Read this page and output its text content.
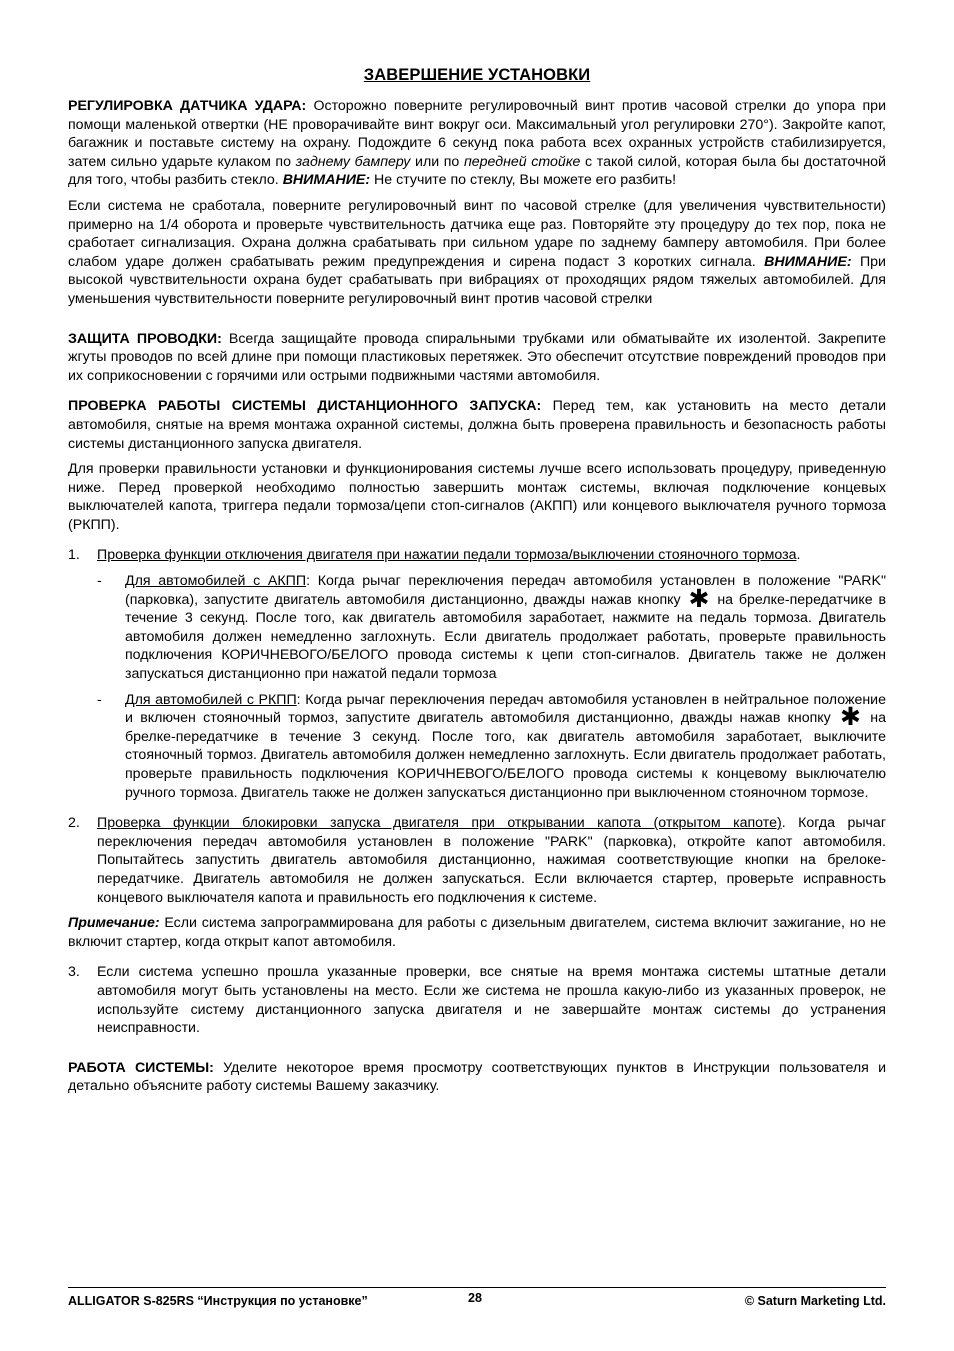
ЗАВЕРШЕНИЕ УСТАНОВКИ

РЕГУЛИРОВКА ДАТЧИКА УДАРА: Осторожно поверните регулировочный винт против часовой стрелки до упора при помощи маленькой отвертки (НЕ проворачивайте винт вокруг оси. Максимальный угол регулировки 270°). Закройте капот, багажник и поставьте систему на охрану. Подождите 6 секунд пока работа всех охранных устройств стабилизируется, затем сильно ударьте кулаком по заднему бамперу или по передней стойке с такой силой, которая была бы достаточной для того, чтобы разбить стекло. ВНИМАНИЕ: Не стучите по стеклу, Вы можете его разбить!

Если система не сработала, поверните регулировочный винт по часовой стрелке (для увеличения чувствительности) примерно на 1/4 оборота и проверьте чувствительность датчика еще раз. Повторяйте эту процедуру до тех пор, пока не сработает сигнализация. Охрана должна срабатывать при сильном ударе по заднему бамперу автомобиля. При более слабом ударе должен срабатывать режим предупреждения и сирена подаст 3 коротких сигнала. ВНИМАНИЕ: При высокой чувствительности охрана будет срабатывать при вибрациях от проходящих рядом тяжелых автомобилей. Для уменьшения чувствительности поверните регулировочный винт против часовой стрелки

ЗАЩИТА ПРОВОДКИ: Всегда защищайте провода спиральными трубками или обматывайте их изолентой. Закрепите жгуты проводов по всей длине при помощи пластиковых перетяжек. Это обеспечит отсутствие повреждений проводов при их соприкосновении с горячими или острыми подвижными частями автомобиля.

ПРОВЕРКА РАБОТЫ СИСТЕМЫ ДИСТАНЦИОННОГО ЗАПУСКА: Перед тем, как установить на место детали автомобиля, снятые на время монтажа охранной системы, должна быть проверена правильность и безопасность работы системы дистанционного запуска двигателя.

Для проверки правильности установки и функционирования системы лучше всего использовать процедуру, приведенную ниже. Перед проверкой необходимо полностью завершить монтаж системы, включая подключение концевых выключателей капота, триггера педали тормоза/цепи стоп-сигналов (АКПП) или концевого выключателя ручного тормоза (РКПП).

1. Проверка функции отключения двигателя при нажатии педали тормоза/выключении стояночного тормоза.
- Для автомобилей с АКПП: Когда рычаг переключения передач автомобиля установлен в положение "PARK" (парковка), запустите двигатель автомобиля дистанционно, дважды нажав кнопку ✱ на брелке-передатчике в течение 3 секунд. После того, как двигатель автомобиля заработает, нажмите на педаль тормоза. Двигатель автомобиля должен немедленно заглохнуть. Если двигатель продолжает работать, проверьте правильность подключения КОРИЧНЕВОГО/БЕЛОГО провода системы к цепи стоп-сигналов. Двигатель также не должен запускаться дистанционно при нажатой педали тормоза
- Для автомобилей с РКПП: Когда рычаг переключения передач автомобиля установлен в нейтральное положение и включен стояночный тормоз, запустите двигатель автомобиля дистанционно, дважды нажав кнопку ✱ на брелке-передатчике в течение 3 секунд. После того, как двигатель автомобиля заработает, выключите стояночный тормоз. Двигатель автомобиля должен немедленно заглохнуть. Если двигатель продолжает работать, проверьте правильность подключения КОРИЧНЕВОГО/БЕЛОГО провода системы к концевому выключателю ручного тормоза. Двигатель также не должен запускаться дистанционно при выключенном стояночном тормозе.
2. Проверка функции блокировки запуска двигателя при открывании капота (открытом капоте). Когда рычаг переключения передач автомобиля установлен в положение "PARK" (парковка), откройте капот автомобиля. Попытайтесь запустить двигатель автомобиля дистанционно, нажимая соответствующие кнопки на брелоке-передатчике. Двигатель автомобиля не должен запускаться. Если включается стартер, проверьте исправность концевого выключателя капота и правильность его подключения к системе.

Примечание: Если система запрограммирована для работы с дизельным двигателем, система включит зажигание, но не включит стартер, когда открыт капот автомобиля.

3. Если система успешно прошла указанные проверки, все снятые на время монтажа системы штатные детали автомобиля могут быть установлены на место. Если же система не прошла какую-либо из указанных проверок, не используйте систему дистанционного запуска двигателя и не завершайте монтаж системы до устранения неисправности.

РАБОТА СИСТЕМЫ: Уделите некоторое время просмотру соответствующих пунктов в Инструкции пользователя и детально объясните работу системы Вашему заказчику.

ALLIGATOR S-825RS “Инструкция по установке”	28	© Saturn Marketing Ltd.
